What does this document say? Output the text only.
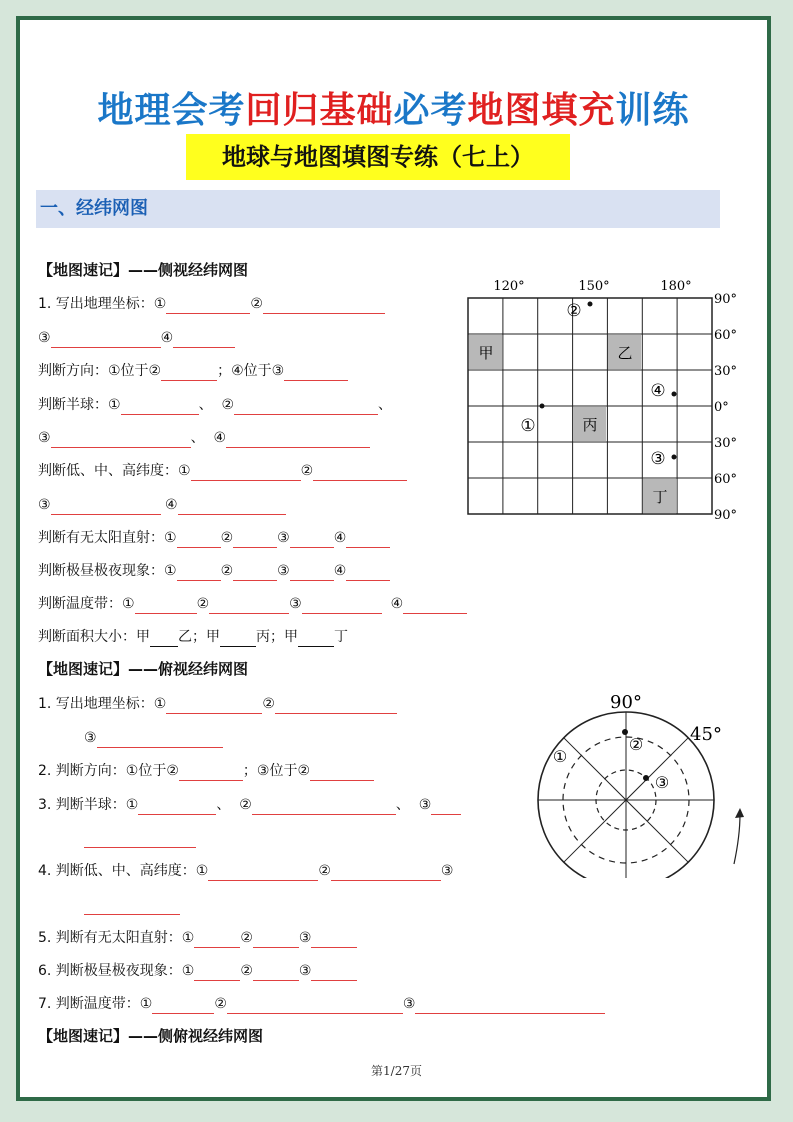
地理会考回归基础必考地图填充训练
地球与地图填图专练（七上）
一、经纬网图
【地图速记】——侧视经纬网图
1. 写出地理坐标：①	②
③	④
判断方向：①位于②	；④位于③
判断半球：①	、 ②	、
③	、 ④
判断低、中、高纬度：①	②
③	④
判断有无太阳直射：①	②	③	④
判断极昼极夜现象：①	②	③	④
判断温度带：①	②	③	④
判断面积大小：甲 乙；甲	丙；甲	丁
【地图速记】——俯视经纬网图
1. 写出地理坐标：①	②
③
2. 判断方向：①位于②	；③位于②
3. 判断半球：①	、 ②	、 ③
4. 判断低、中、高纬度：①	②	③
5. 判断有无太阳直射：①	②	③
6. 判断极昼极夜现象：①	②	③
7. 判断温度带：①	②	③
【地图速记】——侧俯视经纬网图
甲	乙
丙
丁
120°	150°	180°
90°
60°
30°
0°
30°
60°
90°
②
④
①
③
90°
45°
①
②
③
第1/27页
